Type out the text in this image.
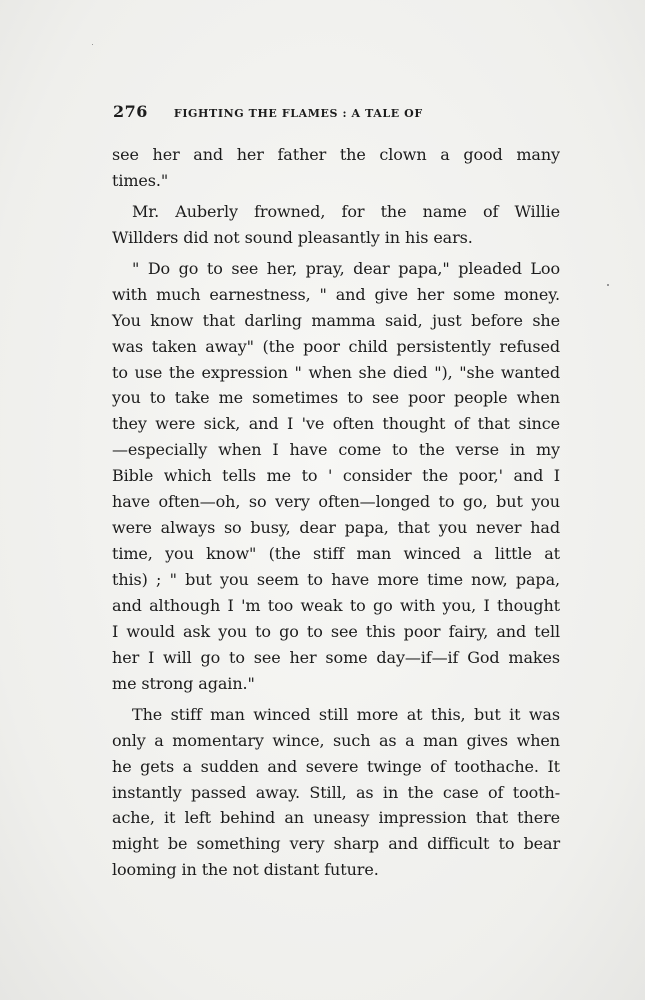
276 FIGHTING THE FLAMES : A TALE OF
see her and her father the clown a good many
times."
Mr. Auberly frowned, for the name of Willie
Willders did not sound pleasantly in his ears.
" Do go to see her, pray, dear papa," pleaded Loo
with much earnestness, " and give her some money.
You know that darling mamma said, just before she
was taken away" (the poor child persistently refused
to use the expression " when she died "), "she wanted
you to take me sometimes to see poor people when
they were sick, and I 've often thought of that since
—especially when I have come to the verse in my
Bible which tells me to ' consider the poor,' and I
have often—oh, so very often—longed to go, but you
were always so busy, dear papa, that you never had
time, you know" (the stiff man winced a little at
this) ; " but you seem to have more time now, papa,
and although I 'm too weak to go with you, I thought
I would ask you to go to see this poor fairy, and tell
her I will go to see her some day—if—if God makes
me strong again."
The stiff man winced still more at this, but it was
only a momentary wince, such as a man gives when
he gets a sudden and severe twinge of toothache. It
instantly passed away. Still, as in the case of tooth-
ache, it left behind an uneasy impression that there
might be something very sharp and difficult to bear
looming in the not distant future.
